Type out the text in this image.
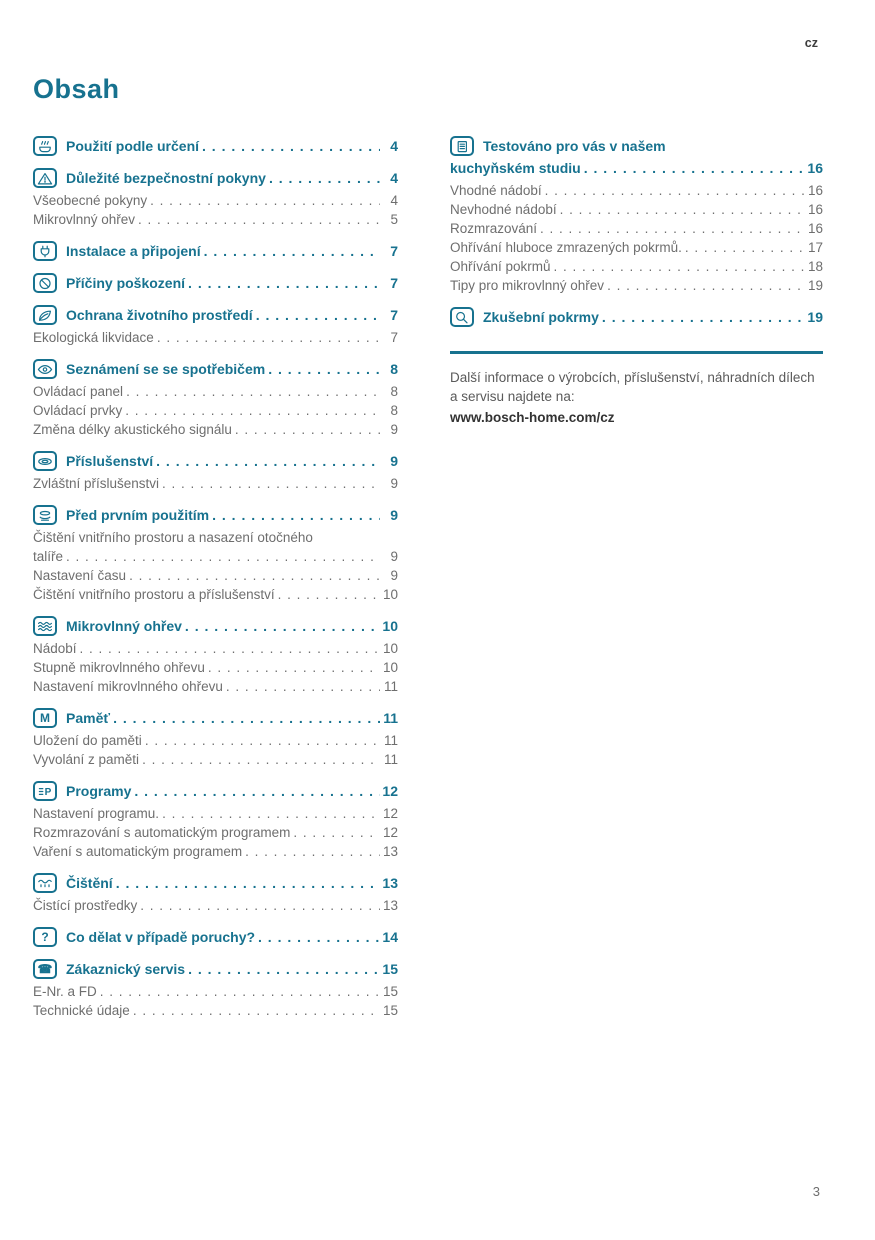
cz
Obsah
Použití podle určení . . .	4
Důležité bezpečnostní pokyny . . .	4
Všeobecné pokyny . . .	4
Mikrovlnný ohřev . . .	5
Instalace a připojení . . .	7
Příčiny poškození . . .	7
Ochrana životního prostředí . . .	7
Ekologická likvidace . . .	7
Seznámení se se spotřebičem . . .	8
Ovládací panel . . .	8
Ovládací prvky . . .	8
Změna délky akustického signálu . . .	9
Příslušenství . . .	9
Zvláštní příslušenstvi . . .	9
Před prvním použitím . . .	9
Čištění vnitřního prostoru a nasazení otočného
talíře . . .	9
Nastavení času . . .	9
Čištění vnitřního prostoru a příslušenství . . .	10
Mikrovlnný ohřev . . .	10
Nádobí . . .	10
Stupně mikrovlnného ohřevu . . .	10
Nastavení mikrovlnného ohřevu . . .	11
M Paměť . . .	11
Uložení do paměti . . .	11
Vyvolání z paměti . . .	11
P Programy . . .	12
Nastavení programu. . . .	12
Rozmrazování s automatickým programem . . .	12
Vaření s automatickým programem . . .	13
Čištění . . .	13
Čistící prostředky . . .	13
? Co dělat v případě poruchy? . . .	14
☎ Zákaznický servis . . .	15
E-Nr. a FD . . .	15
Technické údaje . . .	15
Testováno pro vás v našem
kuchyňském studiu . . .	16
Vhodné nádobí . . .	16
Nevhodné nádobí . . .	16
Rozmrazování . . .	16
Ohřívání hluboce zmrazených pokrmů. . . .	17
Ohřívání pokrmů . . .	18
Tipy pro mikrovlnný ohřev . . .	19
Zkušební pokrmy . . .	19

Další informace o výrobcích, příslušenství, náhradních dílech a servisu najdete na:

www.bosch-home.com/cz

3
